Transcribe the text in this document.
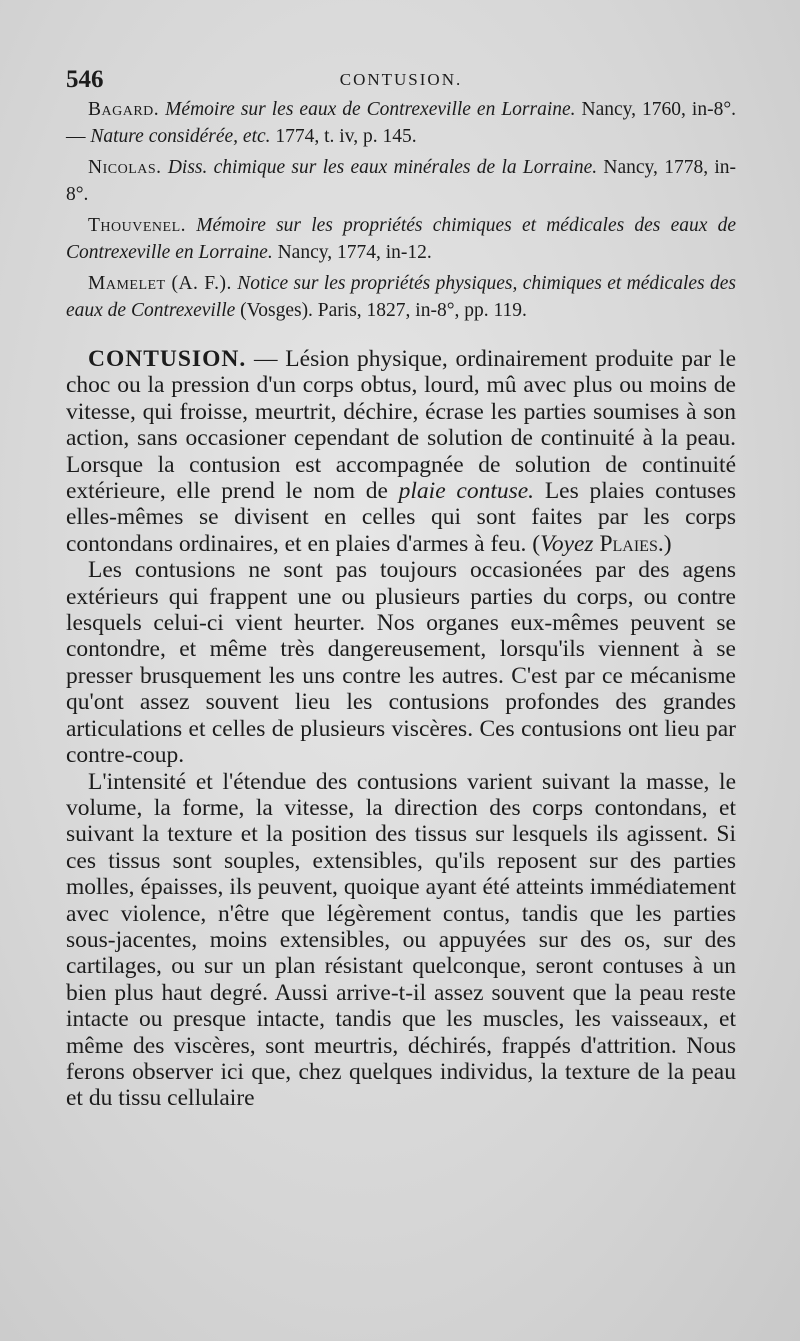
546	CONTUSION.

Bagard. Mémoire sur les eaux de Contrexeville en Lorraine. Nancy, 1760, in-8°. — Nature considérée, etc. 1774, t. iv, p. 145.

Nicolas. Diss. chimique sur les eaux minérales de la Lorraine. Nancy, 1778, in-8°.

Thouvenel. Mémoire sur les propriétés chimiques et médicales des eaux de Contrexeville en Lorraine. Nancy, 1774, in-12.

Mamelet (A. F.). Notice sur les propriétés physiques, chimiques et médicales des eaux de Contrexeville (Vosges). Paris, 1827, in-8°, pp. 119.

CONTUSION. — Lésion physique, ordinairement produite par le choc ou la pression d'un corps obtus, lourd, mû avec plus ou moins de vitesse, qui froisse, meurtrit, déchire, écrase les parties soumises à son action, sans occasioner cependant de solution de continuité à la peau. Lorsque la contusion est accompagnée de solution de continuité extérieure, elle prend le nom de plaie contuse. Les plaies contuses elles-mêmes se divisent en celles qui sont faites par les corps contondans ordinaires, et en plaies d'armes à feu. (Voyez Plaies.)

Les contusions ne sont pas toujours occasionées par des agens extérieurs qui frappent une ou plusieurs parties du corps, ou contre lesquels celui-ci vient heurter. Nos organes eux-mêmes peuvent se contondre, et même très dangereusement, lorsqu'ils viennent à se presser brusquement les uns contre les autres. C'est par ce mécanisme qu'ont assez souvent lieu les contusions profondes des grandes articulations et celles de plusieurs viscères. Ces contusions ont lieu par contre-coup.

L'intensité et l'étendue des contusions varient suivant la masse, le volume, la forme, la vitesse, la direction des corps contondans, et suivant la texture et la position des tissus sur lesquels ils agissent. Si ces tissus sont souples, extensibles, qu'ils reposent sur des parties molles, épaisses, ils peuvent, quoique ayant été atteints immédiatement avec violence, n'être que légèrement contus, tandis que les parties sous-jacentes, moins extensibles, ou appuyées sur des os, sur des cartilages, ou sur un plan résistant quelconque, seront contuses à un bien plus haut degré. Aussi arrive-t-il assez souvent que la peau reste intacte ou presque intacte, tandis que les muscles, les vaisseaux, et même des viscères, sont meurtris, déchirés, frappés d'attrition. Nous ferons observer ici que, chez quelques individus, la texture de la peau et du tissu cellulaire
